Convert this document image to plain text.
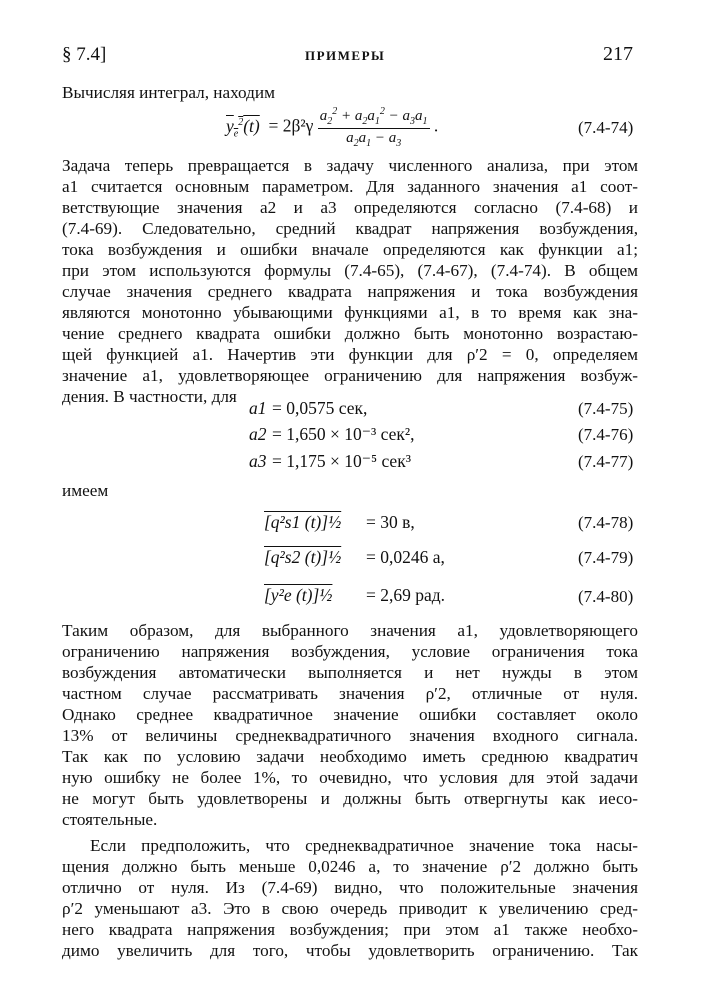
§ 7.4]	ПРИМЕРЫ	217
Вычисляя интеграл, находим
$y_e^2(t) = 2\beta^2\gamma \frac{a_2^2 + a_2a_1^2 - a_3a_1}{a_2a_1 - a_3}$ .	(7.4-74)
Задача теперь превращается в задачу численного анализа, при этом
a1 считается основным параметром. Для заданного значения a1 соот-
ветствующие значения a2 и a3 определяются согласно (7.4-68) и
(7.4-69). Следовательно, средний квадрат напряжения возбуждения,
тока возбуждения и ошибки вначале определяются как функции a1;
при этом используются формулы (7.4-65), (7.4-67), (7.4-74). В общем
случае значения среднего квадрата напряжения и тока возбуждения
являются монотонно убывающими функциями a1, в то время как зна-
чение среднего квадрата ошибки должно быть монотонно возрастаю-
щей функцией a1. Начертив эти функции для ρ′2 = 0, определяем
значение a1, удовлетворяющее ограничению для напряжения возбуж-
дения. В частности, для
a1 = 0,0575 сек,	(7.4-75)
a2 = 1,650 × 10⁻³ сек²,	(7.4-76)
a3 = 1,175 × 10⁻⁵ сек³	(7.4-77)
имеем
[q²s1 (t)]½ = 30 в,	(7.4-78)
[q²s2 (t)]½ = 0,0246 а,	(7.4-79)
[y²e (t)]½ = 2,69 рад.	(7.4-80)
Таким образом, для выбранного значения a1, удовлетворяющего
ограничению напряжения возбуждения, условие ограничения тока
возбуждения автоматически выполняется и нет нужды в этом
частном случае рассматривать значения ρ′2, отличные от нуля.
Однако среднее квадратичное значение ошибки составляет около
13% от величины среднеквадратичного значения входного сигнала.
Так как по условию задачи необходимо иметь среднюю квадратич
ную ошибку не более 1%, то очевидно, что условия для этой задачи
не могут быть удовлетворены и должны быть отвергнуты как иесо-
стоятельные.
Если предположить, что среднеквадратичное значение тока насы-
щения должно быть меньше 0,0246 а, то значение ρ′2 должно быть
отлично от нуля. Из (7.4-69) видно, что положительные значения
ρ′2 уменьшают a3. Это в свою очередь приводит к увеличению сред-
него квадрата напряжения возбуждения; при этом a1 также необхо-
димо увеличить для того, чтобы удовлетворить ограничению. Так
